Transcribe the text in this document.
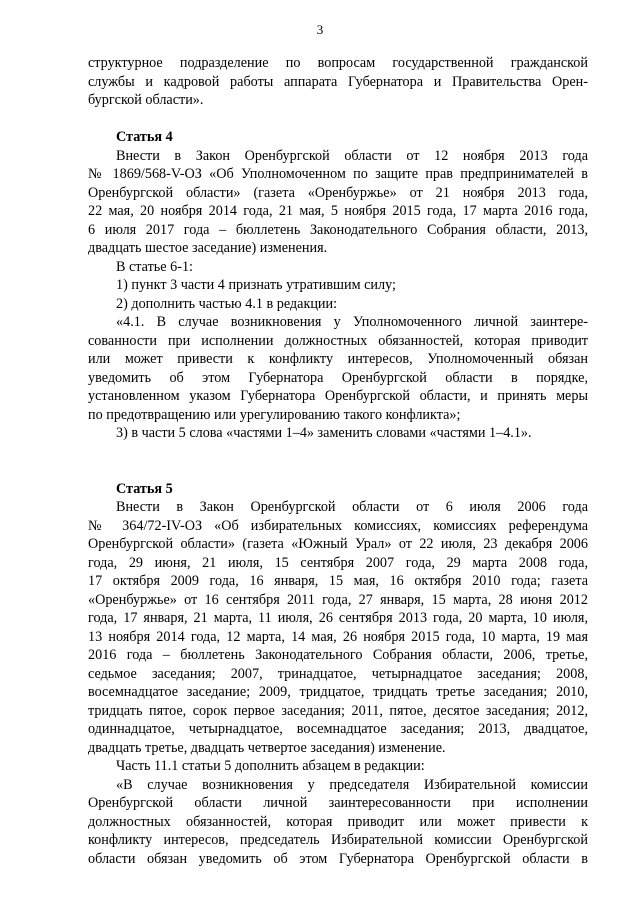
3
структурное подразделение по вопросам государственной гражданской
службы и кадровой работы аппарата Губернатора и Правительства Орен-
бургской области».
Статья 4
Внести в Закон Оренбургской области от 12 ноября 2013 года
№ 1869/568-V-ОЗ «Об Уполномоченном по защите прав предпринимателей в
Оренбургской области» (газета «Оренбуржье» от 21 ноября 2013 года,
22 мая, 20 ноября 2014 года, 21 мая, 5 ноября 2015 года, 17 марта 2016 года,
6 июля 2017 года – бюллетень Законодательного Собрания области, 2013,
двадцать шестое заседание) изменения.
В статье 6-1:
1) пункт 3 части 4 признать утратившим силу;
2) дополнить частью 4.1 в редакции:
«4.1. В случае возникновения у Уполномоченного личной заинтере-
сованности при исполнении должностных обязанностей, которая приводит
или может привести к конфликту интересов, Уполномоченный обязан
уведомить об этом Губернатора Оренбургской области в порядке,
установленном указом Губернатора Оренбургской области, и принять меры
по предотвращению или урегулированию такого конфликта»;
3) в части 5 слова «частями 1–4» заменить словами «частями 1–4.1».
Статья 5
Внести в Закон Оренбургской области от 6 июля 2006 года
№ 364/72-IV-ОЗ «Об избирательных комиссиях, комиссиях референдума
Оренбургской области» (газета «Южный Урал» от 22 июля, 23 декабря 2006
года, 29 июня, 21 июля, 15 сентября 2007 года, 29 марта 2008 года,
17 октября 2009 года, 16 января, 15 мая, 16 октября 2010 года; газета
«Оренбуржье» от 16 сентября 2011 года, 27 января, 15 марта, 28 июня 2012
года, 17 января, 21 марта, 11 июля, 26 сентября 2013 года, 20 марта, 10 июля,
13 ноября 2014 года, 12 марта, 14 мая, 26 ноября 2015 года, 10 марта, 19 мая
2016 года – бюллетень Законодательного Собрания области, 2006, третье,
седьмое заседания; 2007, тринадцатое, четырнадцатое заседания; 2008,
восемнадцатое заседание; 2009, тридцатое, тридцать третье заседания; 2010,
тридцать пятое, сорок первое заседания; 2011, пятое, десятое заседания; 2012,
одиннадцатое, четырнадцатое, восемнадцатое заседания; 2013, двадцатое,
двадцать третье, двадцать четвертое заседания) изменение.
Часть 11.1 статьи 5 дополнить абзацем в редакции:
«В случае возникновения у председателя Избирательной комиссии
Оренбургской области личной заинтересованности при исполнении
должностных обязанностей, которая приводит или может привести к
конфликту интересов, председатель Избирательной комиссии Оренбургской
области обязан уведомить об этом Губернатора Оренбургской области в
